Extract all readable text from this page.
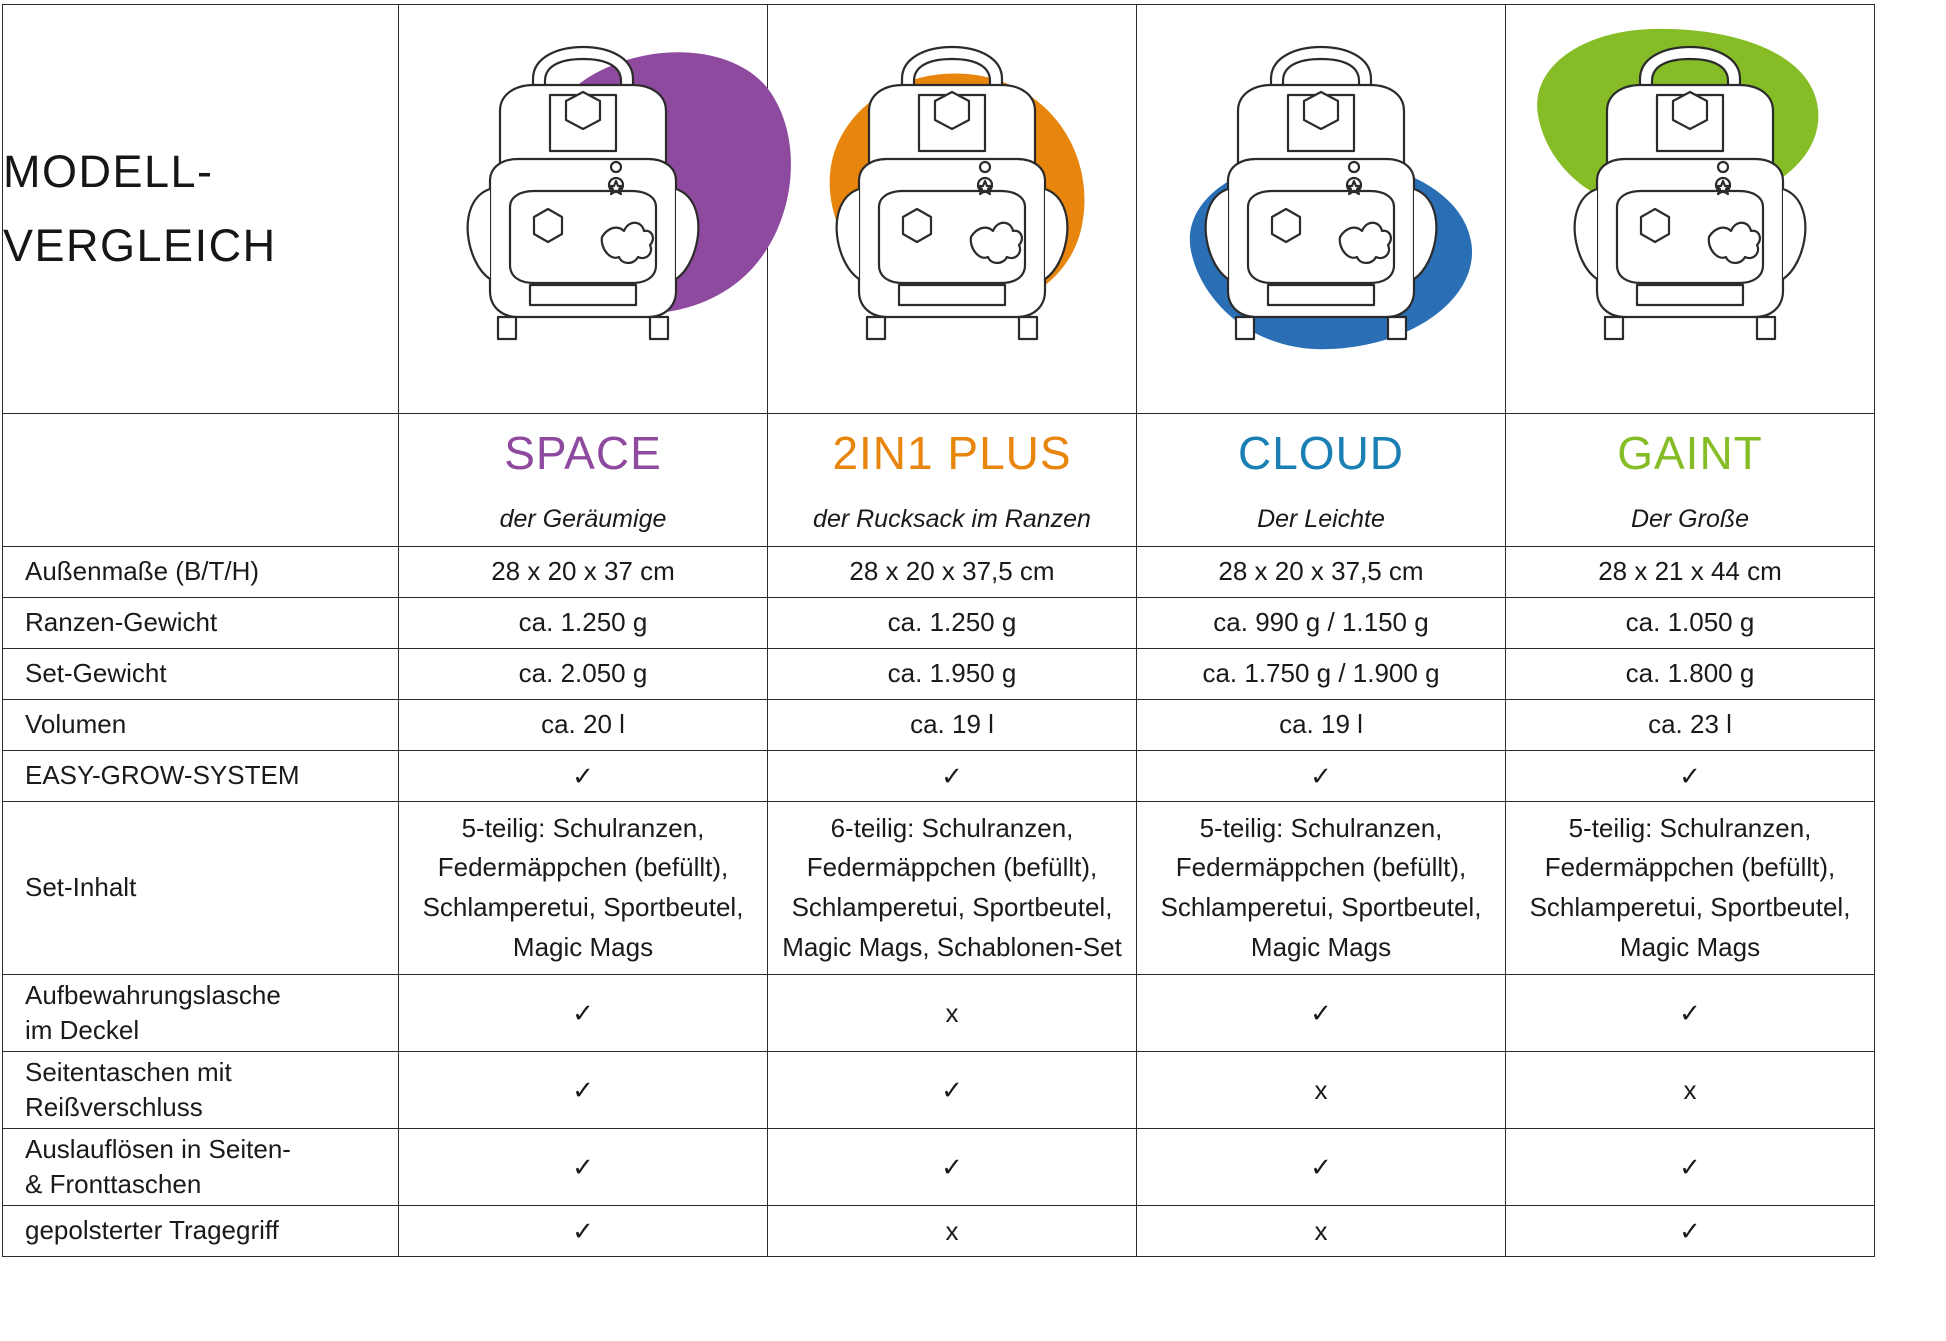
MODELL-
VERGLEICH

	SPACE	2IN1 PLUS	CLOUD	GAINT

	der Geräumige	der Rucksack im Ranzen	Der Leichte	Der Große

Außenmaße (B/T/H)	28 x 20 x 37 cm	28 x 20 x 37,5 cm	28 x 20 x 37,5 cm	28 x 21 x 44 cm

Ranzen-Gewicht	ca. 1.250 g	ca. 1.250 g	ca. 990 g / 1.150 g	ca. 1.050 g

Set-Gewicht	ca. 2.050 g	ca. 1.950 g	ca. 1.750 g / 1.900 g	ca. 1.800 g

Volumen	ca. 20 l	ca. 19 l	ca. 19 l	ca. 23 l

EASY-GROW-SYSTEM	✓	✓	✓	✓

Set-Inhalt	5-teilig: Schulranzen, Federmäppchen (befüllt), Schlamperetui, Sportbeutel, Magic Mags	6-teilig: Schulranzen, Federmäppchen (befüllt), Schlamperetui, Sportbeutel, Magic Mags, Schablonen-Set	5-teilig: Schulranzen, Federmäppchen (befüllt), Schlamperetui, Sportbeutel, Magic Mags	5-teilig: Schulranzen, Federmäppchen (befüllt), Schlamperetui, Sportbeutel, Magic Mags

Aufbewahrungslasche
im Deckel	✓	x	✓	✓

Seitentaschen mit
Reißverschluss	✓	✓	x	x

Auslauflösen in Seiten-
& Fronttaschen	✓	✓	✓	✓

gepolsterter Tragegriff	✓	x	x	✓
